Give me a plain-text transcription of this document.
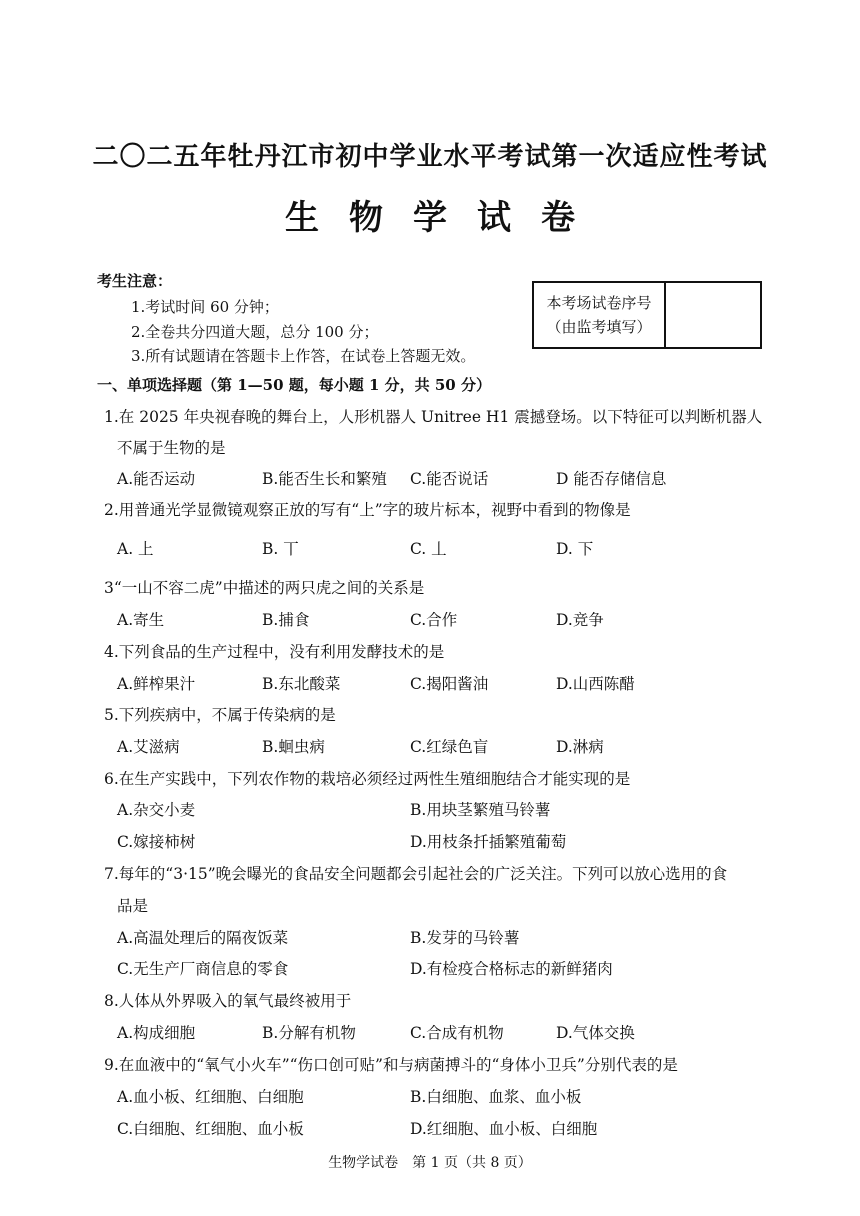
二〇二五年牡丹江市初中学业水平考试第一次适应性考试
生物学试卷
考生注意：
1.考试时间 60 分钟；
2.全卷共分四道大题，总分 100 分；
3.所有试题请在答题卡上作答，在试卷上答题无效。
本考场试卷序号
（由监考填写）
一、单项选择题（第 1—50 题，每小题 1 分，共 50 分）
1.在 2025 年央视春晚的舞台上，人形机器人 Unitree H1 震撼登场。以下特征可以判断机器人
不属于生物的是
A.能否运动	B.能否生长和繁殖 C.能否说话	D 能否存储信息
2.用普通光学显微镜观察正放的写有“上”字的玻片标本，视野中看到的物像是
A. 上	B. 丅	C. 丄	D. 下
3“一山不容二虎”中描述的两只虎之间的关系是
A.寄生	B.捕食	C.合作	D.竞争
4.下列食品的生产过程中，没有利用发酵技术的是
A.鲜榨果汁	B.东北酸菜	C.揭阳酱油	D.山西陈醋
5.下列疾病中，不属于传染病的是
A.艾滋病	B.蛔虫病	C.红绿色盲	D.淋病
6.在生产实践中，下列农作物的栽培必须经过两性生殖细胞结合才能实现的是
A.杂交小麦	B.用块茎繁殖马铃薯
C.嫁接柿树	D.用枝条扦插繁殖葡萄
7.每年的“3·15”晚会曝光的食品安全问题都会引起社会的广泛关注。下列可以放心选用的食
品是
A.高温处理后的隔夜饭菜	B.发芽的马铃薯
C.无生产厂商信息的零食	D.有检疫合格标志的新鲜猪肉
8.人体从外界吸入的氧气最终被用于
A.构成细胞	B.分解有机物	C.合成有机物	D.气体交换
9.在血液中的“氧气小火车”“伤口创可贴”和与病菌搏斗的“身体小卫兵”分别代表的是
A.血小板、红细胞、白细胞	B.白细胞、血浆、血小板
C.白细胞、红细胞、血小板	D.红细胞、血小板、白细胞
生物学试卷　第 1 页（共 8 页）
